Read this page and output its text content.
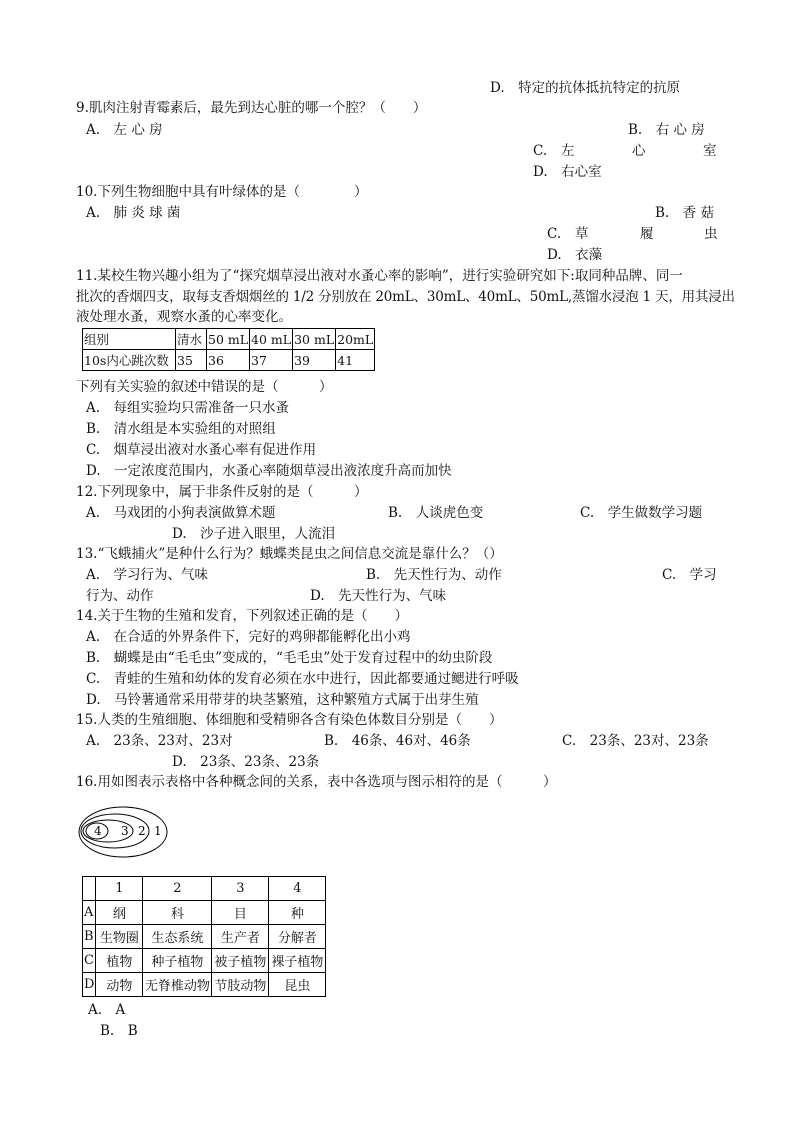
D.　特定的抗体抵抗特定的抗原
9.肌肉注射青霉素后，最先到达心脏的哪一个腔？（　　）
A.　左 心 房	B.　右 心 房
C. 左	心	室
D.　右心室
10.下列生物细胞中具有叶绿体的是（　　　　）
A.　肺 炎 球 菌	B.　香 菇
C. 草	履	虫
D.　衣藻
11.某校生物兴趣小组为了“探究烟草浸出液对水蚤心率的影响”，进行实验研究如下:取同种品牌、同一
批次的香烟四支，取每支香烟烟丝的 1/2 分别放在 20mL、30mL、40mL、50mL,蒸馏水浸泡 1 天，用其浸出
液处理水蚤，观察水蚤的心率变化。
组别	清水	50 mL	40 mL	30 mL	20mL
10s内心跳次数	35	36	37	39	41
下列有关实验的叙述中错误的是（　　　）
A.　每组实验均只需准备一只水蚤
B.　清水组是本实验组的对照组
C.　烟草浸出液对水蚤心率有促进作用
D.　一定浓度范围内，水蚤心率随烟草浸出液浓度升高而加快
12.下列现象中，属于非条件反射的是（　　　）
A.　马戏团的小狗表演做算术题	B.　人谈虎色变	C.　学生做数学习题
D.　沙子进入眼里，人流泪
13.“飞蛾捕火”是种什么行为？蛾蝶类昆虫之间信息交流是靠什么？（）
A.　学习行为、气味	B.　先天性行为、动作	C.　学习
行为、动作	D.　先天性行为、气味
14.关于生物的生殖和发育，下列叙述正确的是（　　）
A.　在合适的外界条件下，完好的鸡卵都能孵化出小鸡
B.　蝴蝶是由“毛毛虫”变成的，“毛毛虫”处于发育过程中的幼虫阶段
C.　青蛙的生殖和幼体的发育必须在水中进行，因此都要通过鳃进行呼吸
D.　马铃薯通常采用带芽的块茎繁殖，这种繁殖方式属于出芽生殖
15.人类的生殖细胞、体细胞和受精卵各含有染色体数目分别是（　　）
A.　23条、23对、23对	B.　46条、46对、46条	C.　23条、23对、23条
D.　23条、23条、23条
16.用如图表示表格中各种概念间的关系，表中各选项与图示相符的是（　　　）
4 3 2 1
	1	2	3	4
A	纲	科	目	种
B	生物圈	生态系统	生产者	分解者
C	植物	种子植物	被子植物	裸子植物
D	动物	无脊椎动物	节肢动物	昆虫
A.　A
B.　B
